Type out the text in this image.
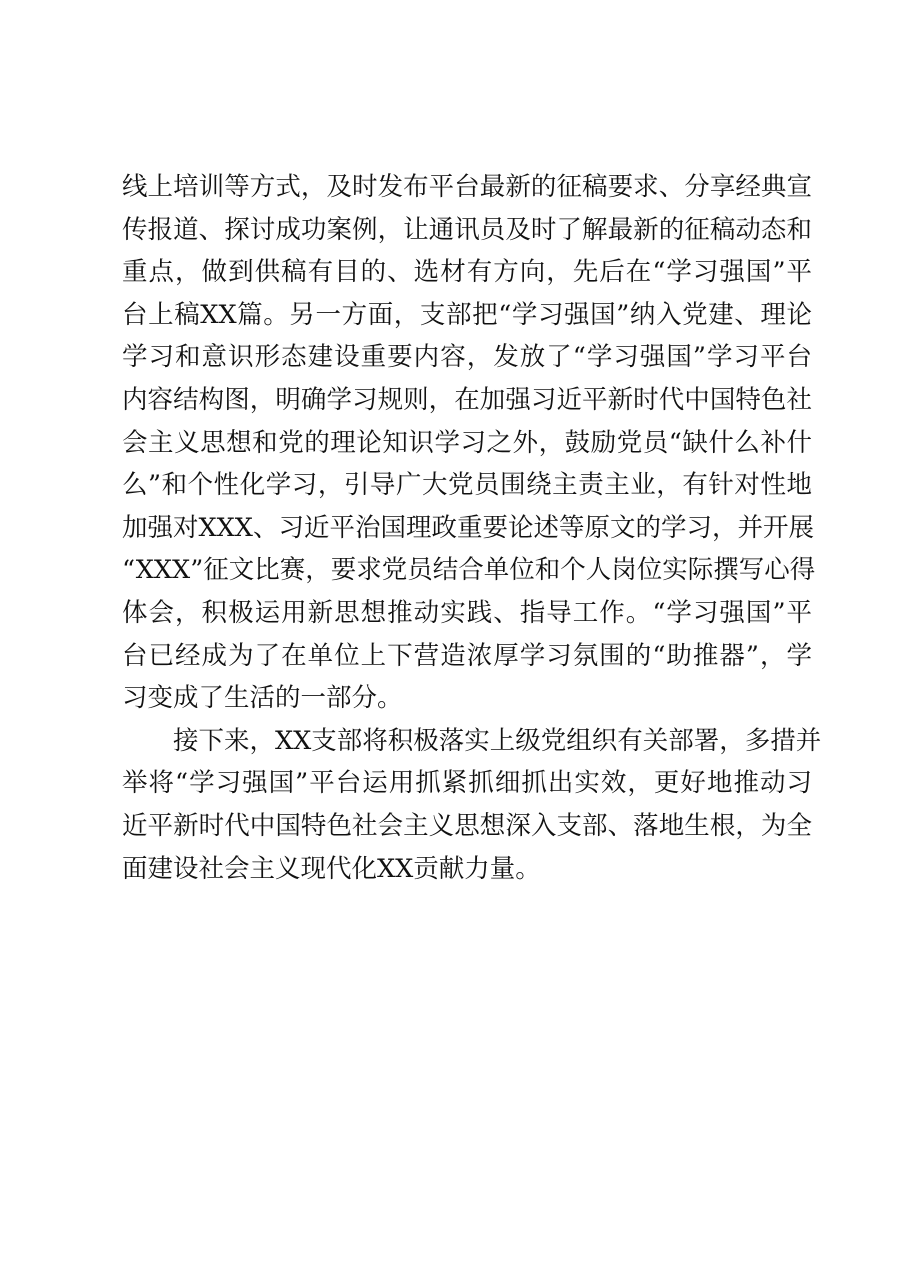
线上培训等方式，及时发布平台最新的征稿要求、分享经典宣
传报道、探讨成功案例，让通讯员及时了解最新的征稿动态和
重点，做到供稿有目的、选材有方向，先后在“学习强国”平
台上稿XX篇。另一方面，支部把“学习强国”纳入党建、理论
学习和意识形态建设重要内容，发放了“学习强国”学习平台
内容结构图，明确学习规则，在加强习近平新时代中国特色社
会主义思想和党的理论知识学习之外，鼓励党员“缺什么补什
么”和个性化学习，引导广大党员围绕主责主业，有针对性地
加强对XXX、习近平治国理政重要论述等原文的学习，并开展
“XXX”征文比赛，要求党员结合单位和个人岗位实际撰写心得
体会，积极运用新思想推动实践、指导工作。“学习强国”平
台已经成为了在单位上下营造浓厚学习氛围的“助推器”，学
习变成了生活的一部分。
接下来，XX支部将积极落实上级党组织有关部署，多措并
举将“学习强国”平台运用抓紧抓细抓出实效，更好地推动习
近平新时代中国特色社会主义思想深入支部、落地生根，为全
面建设社会主义现代化XX贡献力量。
